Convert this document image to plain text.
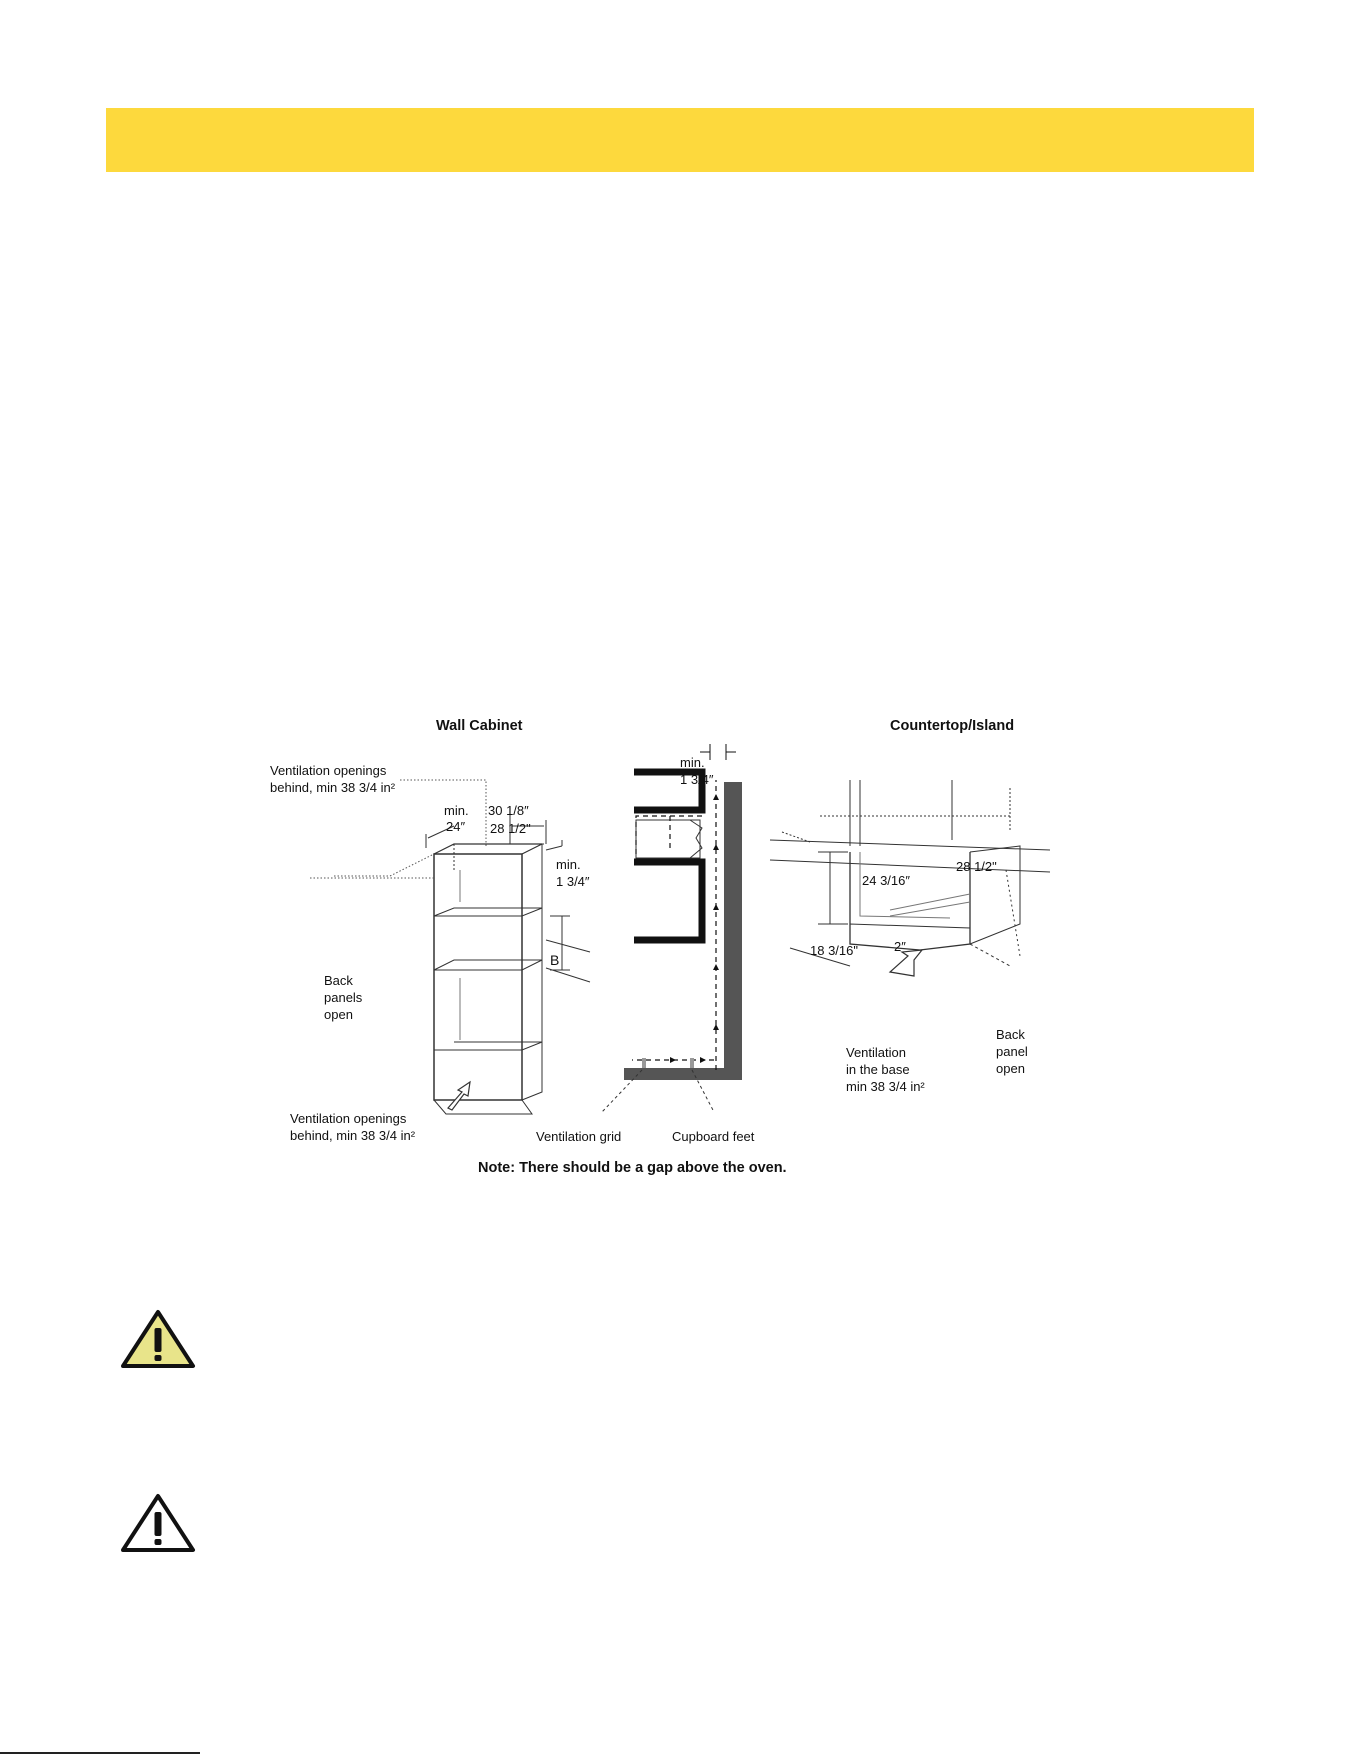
Wall Cabinet	Countertop/Island
Ventilation openings
behind, min 38 3/4 in²
min.
24″
30 1/8″
28 1/2"
min.
1 3/4″
B
Back
panels
open
Ventilation openings
behind, min 38 3/4 in²
min.
1 3/4″
Ventilation grid	Cupboard feet
24 3/16″
28 1/2"
18 3/16"	2″
Ventilation
in the base
min 38 3/4 in²
Back
panel
open
Note: There should be a gap above the oven.
